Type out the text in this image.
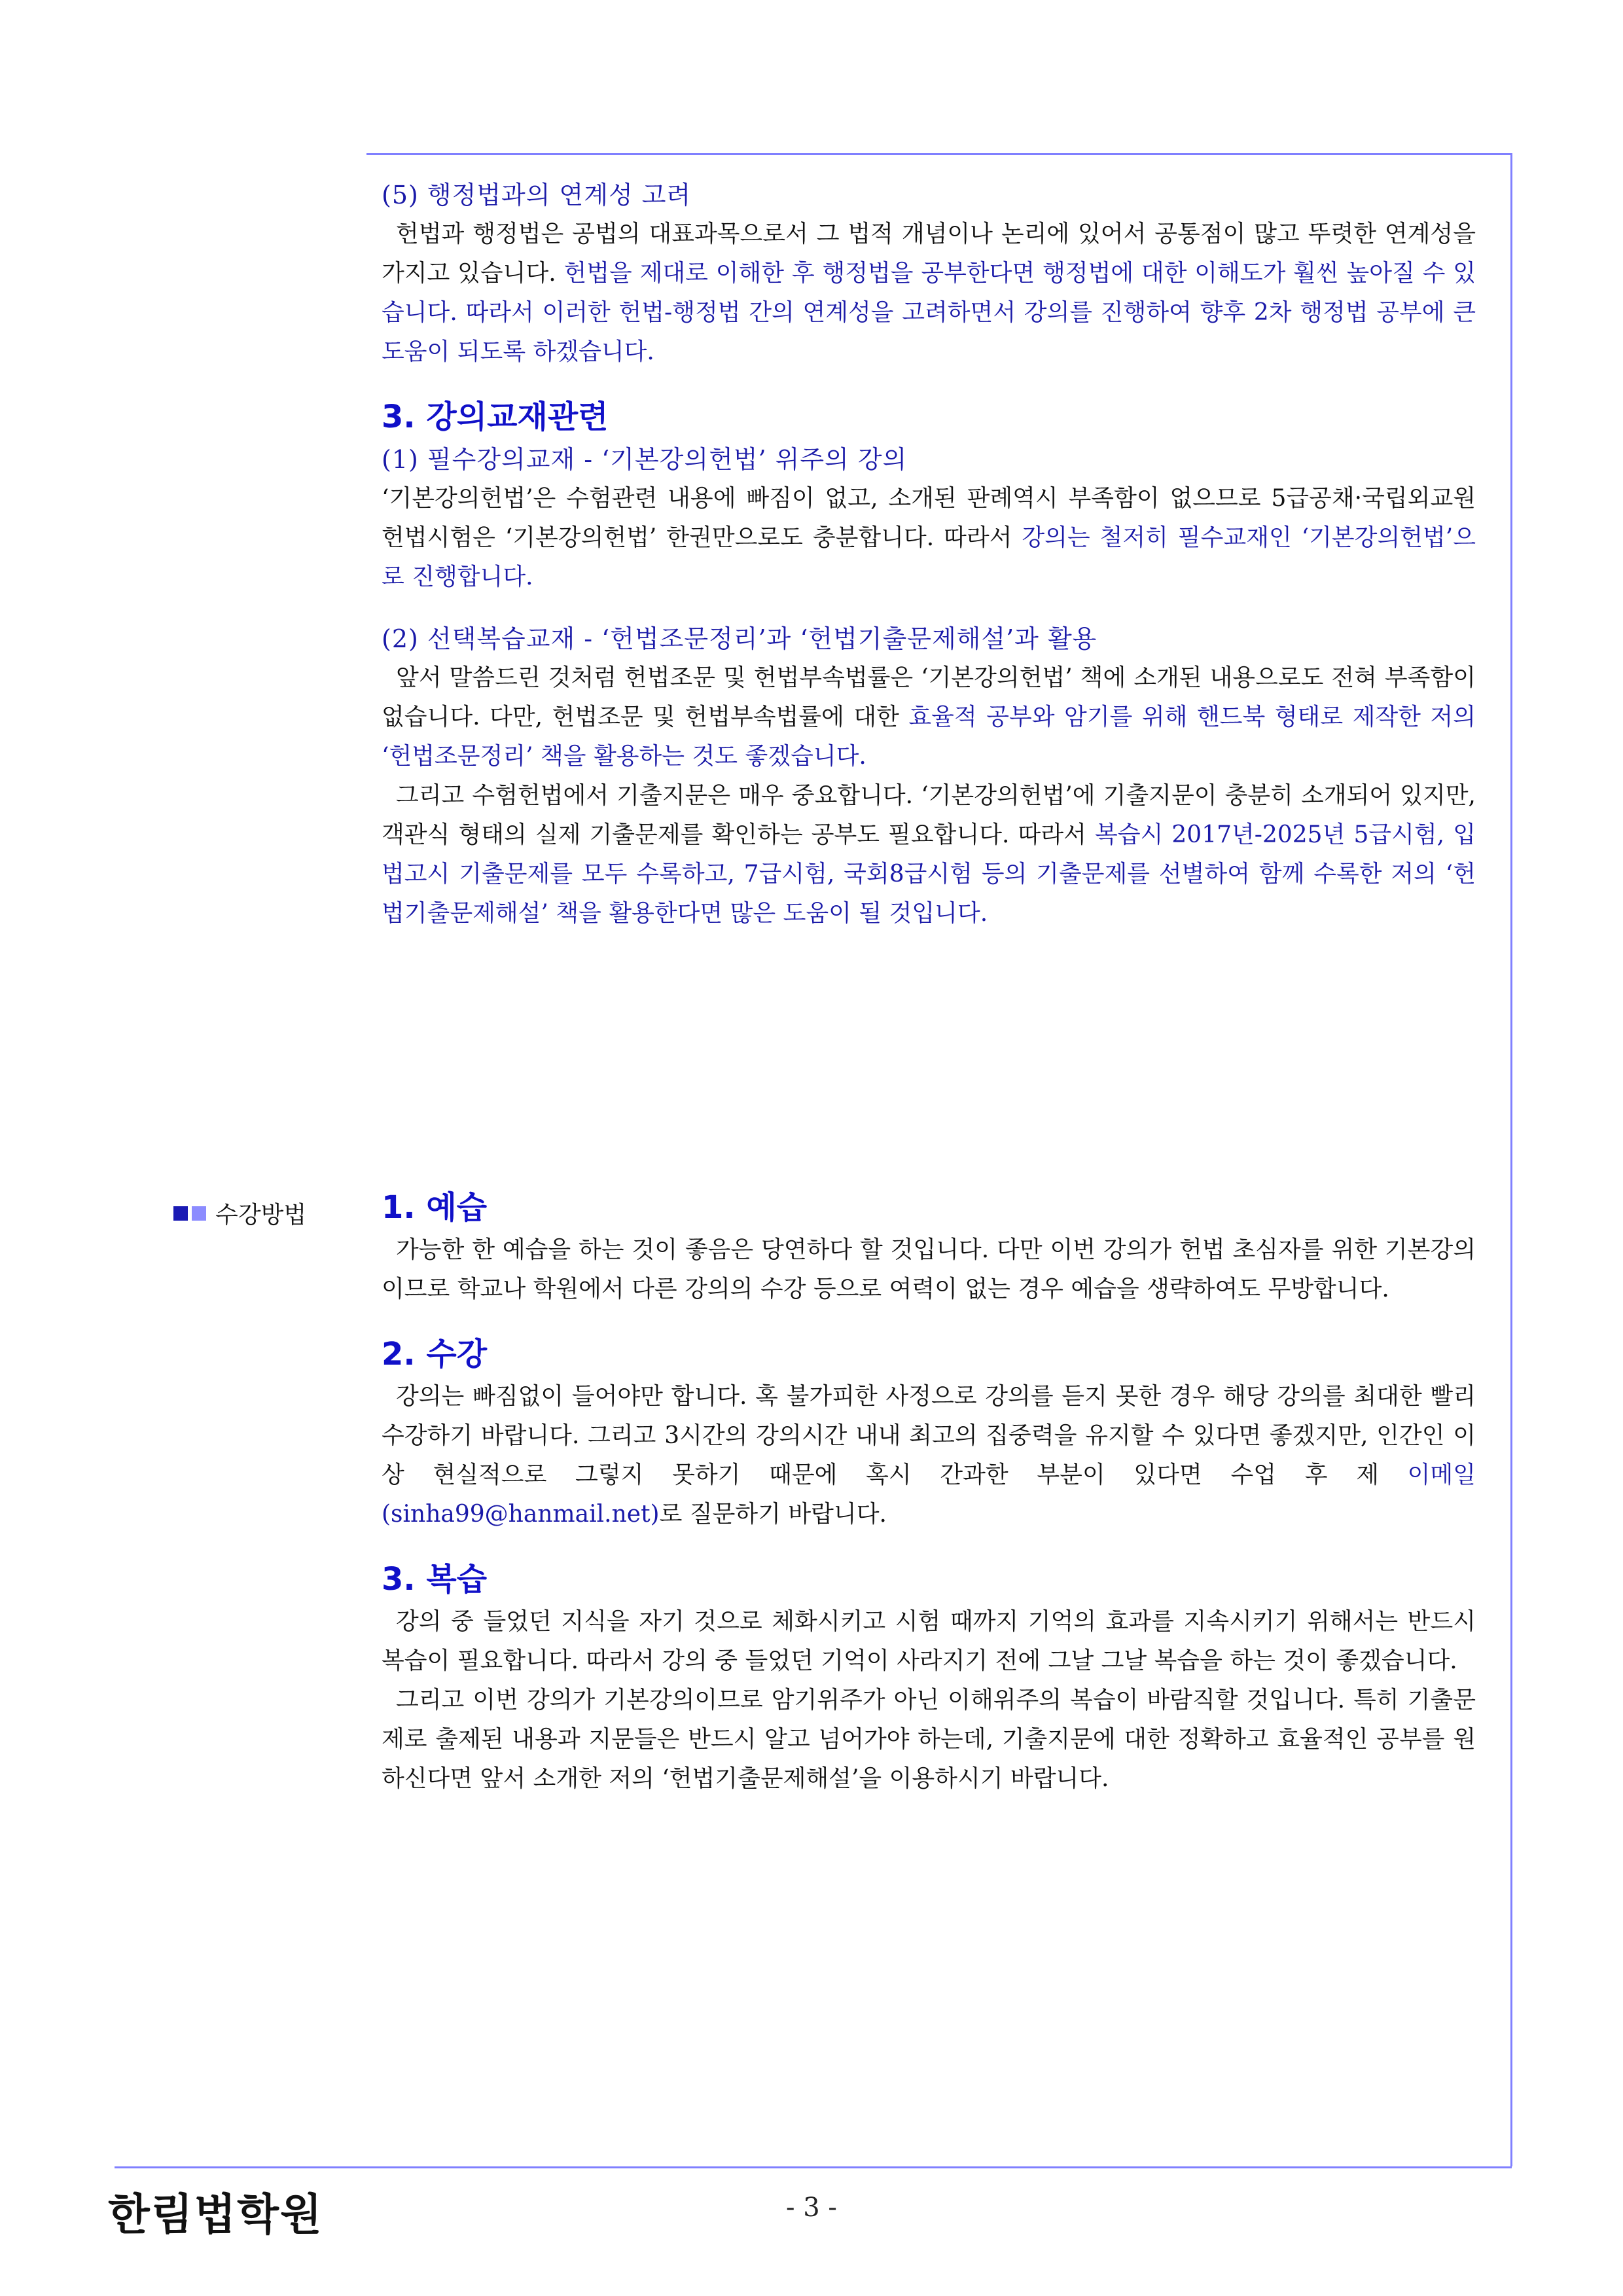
(5) 행정법과의 연계성 고려

헌법과 행정법은 공법의 대표과목으로서 그 법적 개념이나 논리에 있어서 공통점이 많고 뚜렷한 연계성을 가지고 있습니다. 헌법을 제대로 이해한 후 행정법을 공부한다면 행정법에 대한 이해도가 훨씬 높아질 수 있습니다. 따라서 이러한 헌법-행정법 간의 연계성을 고려하면서 강의를 진행하여 향후 2차 행정법 공부에 큰 도움이 되도록 하겠습니다.

3. 강의교재관련

(1) 필수강의교재 - ‘기본강의헌법’ 위주의 강의

‘기본강의헌법’은 수험관련 내용에 빠짐이 없고, 소개된 판례역시 부족함이 없으므로 5급공채·국립외교원 헌법시험은 ‘기본강의헌법’ 한권만으로도 충분합니다. 따라서 강의는 철저히 필수교재인 ‘기본강의헌법’으로 진행합니다.

(2) 선택복습교재 - ‘헌법조문정리’과 ‘헌법기출문제해설’과 활용

앞서 말씀드린 것처럼 헌법조문 및 헌법부속법률은 ‘기본강의헌법’ 책에 소개된 내용으로도 전혀 부족함이 없습니다. 다만, 헌법조문 및 헌법부속법률에 대한 효율적 공부와 암기를 위해 핸드북 형태로 제작한 저의 ‘헌법조문정리’ 책을 활용하는 것도 좋겠습니다.

그리고 수험헌법에서 기출지문은 매우 중요합니다. ‘기본강의헌법’에 기출지문이 충분히 소개되어 있지만, 객관식 형태의 실제 기출문제를 확인하는 공부도 필요합니다. 따라서 복습시 2017년-2025년 5급시험, 입법고시 기출문제를 모두 수록하고, 7급시험, 국회8급시험 등의 기출문제를 선별하여 함께 수록한 저의 ‘헌법기출문제해설’ 책을 활용한다면 많은 도움이 될 것입니다.

수강방법 1. 예습

가능한 한 예습을 하는 것이 좋음은 당연하다 할 것입니다. 다만 이번 강의가 헌법 초심자를 위한 기본강의이므로 학교나 학원에서 다른 강의의 수강 등으로 여력이 없는 경우 예습을 생략하여도 무방합니다.

2. 수강

강의는 빠짐없이 들어야만 합니다. 혹 불가피한 사정으로 강의를 듣지 못한 경우 해당 강의를 최대한 빨리 수강하기 바랍니다. 그리고 3시간의 강의시간 내내 최고의 집중력을 유지할 수 있다면 좋겠지만, 인간인 이상 현실적으로 그렇지 못하기 때문에 혹시 간과한 부분이 있다면 수업 후 제 이메일(sinha99@hanmail.net)로 질문하기 바랍니다.

3. 복습

강의 중 들었던 지식을 자기 것으로 체화시키고 시험 때까지 기억의 효과를 지속시키기 위해서는 반드시 복습이 필요합니다. 따라서 강의 중 들었던 기억이 사라지기 전에 그날 그날 복습을 하는 것이 좋겠습니다.

그리고 이번 강의가 기본강의이므로 암기위주가 아닌 이해위주의 복습이 바람직할 것입니다. 특히 기출문제로 출제된 내용과 지문들은 반드시 알고 넘어가야 하는데, 기출지문에 대한 정확하고 효율적인 공부를 원하신다면 앞서 소개한 저의 ‘헌법기출문제해설’을 이용하시기 바랍니다.

한림법학원	- 3 -
